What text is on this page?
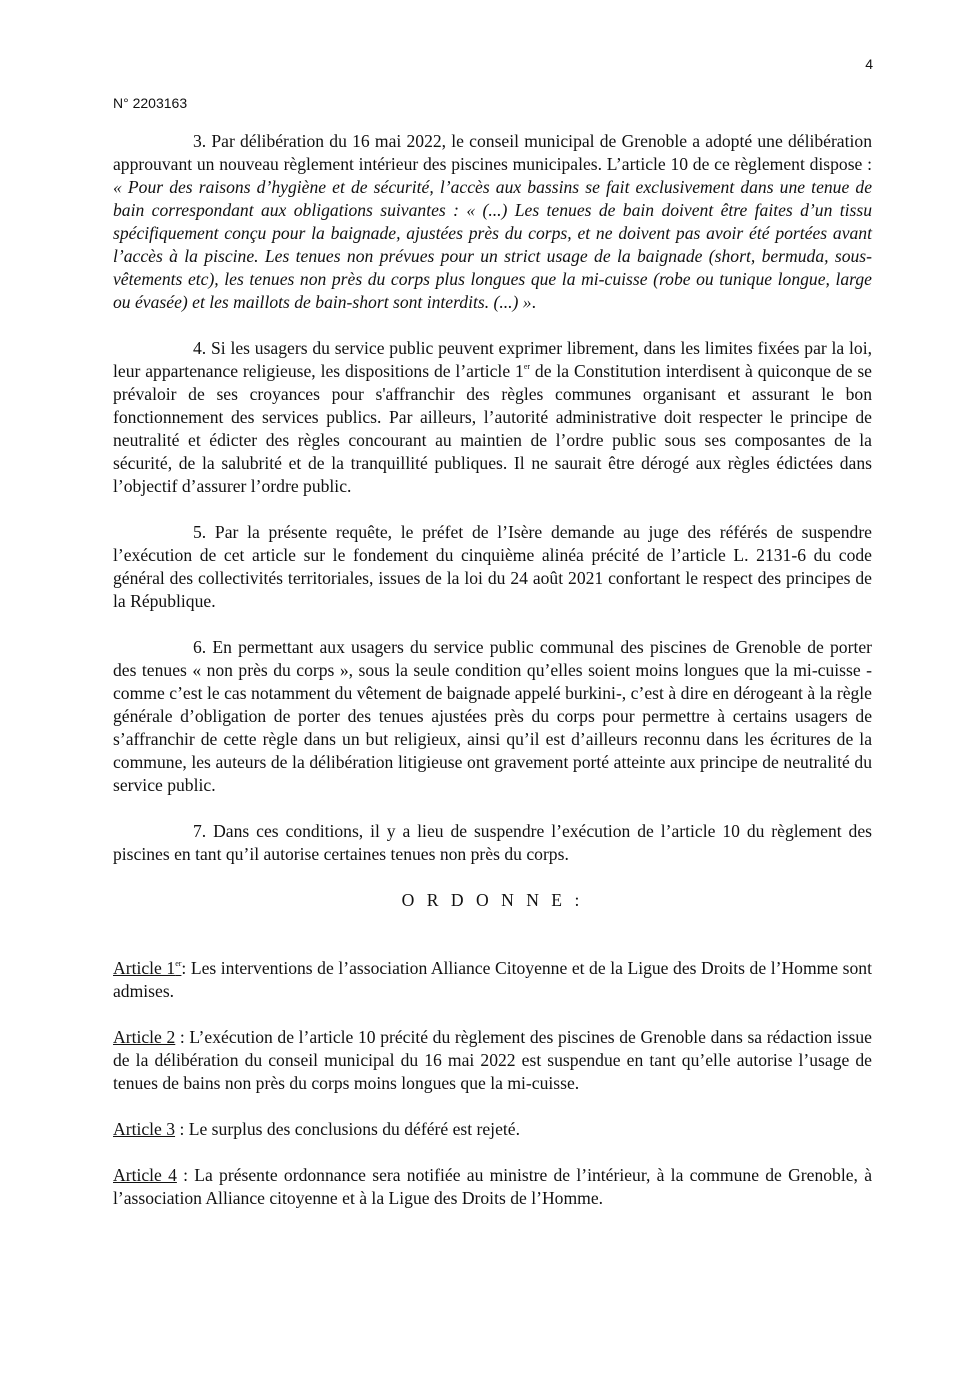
4
N° 2203163

3. Par délibération du 16 mai 2022, le conseil municipal de Grenoble a adopté une délibération approuvant un nouveau règlement intérieur des piscines municipales. L’article 10 de ce règlement dispose : « Pour des raisons d’hygiène et de sécurité, l’accès aux bassins se fait exclusivement dans une tenue de bain correspondant aux obligations suivantes : « (...) Les tenues de bain doivent être faites d’un tissu spécifiquement conçu pour la baignade, ajustées près du corps, et ne doivent pas avoir été portées avant l’accès à la piscine. Les tenues non prévues pour un strict usage de la baignade (short, bermuda, sous-vêtements etc), les tenues non près du corps plus longues que la mi-cuisse (robe ou tunique longue, large ou évasée) et les maillots de bain-short sont interdits. (...) ».

4. Si les usagers du service public peuvent exprimer librement, dans les limites fixées par la loi, leur appartenance religieuse, les dispositions de l’article 1er de la Constitution interdisent à quiconque de se prévaloir de ses croyances pour s'affranchir des règles communes organisant et assurant le bon fonctionnement des services publics. Par ailleurs, l’autorité administrative doit respecter le principe de neutralité et édicter des règles concourant au maintien de l’ordre public sous ses composantes de la sécurité, de la salubrité et de la tranquillité publiques. Il ne saurait être dérogé aux règles édictées dans l’objectif d’assurer l’ordre public.

5. Par la présente requête, le préfet de l’Isère demande au juge des référés de suspendre l’exécution de cet article sur le fondement du cinquième alinéa précité de l’article L. 2131-6 du code général des collectivités territoriales, issues de la loi du 24 août 2021 confortant le respect des principes de la République.

6. En permettant aux usagers du service public communal des piscines de Grenoble de porter des tenues « non près du corps », sous la seule condition qu’elles soient moins longues que la mi-cuisse - comme c’est le cas notamment du vêtement de baignade appelé burkini-, c’est à dire en dérogeant à la règle générale d’obligation de porter des tenues ajustées près du corps pour permettre à certains usagers de s’affranchir de cette règle dans un but religieux, ainsi qu’il est d’ailleurs reconnu dans les écritures de la commune, les auteurs de la délibération litigieuse ont gravement porté atteinte aux principe de neutralité du service public.

7. Dans ces conditions, il y a lieu de suspendre l’exécution de l’article 10 du règlement des piscines en tant qu’il autorise certaines tenues non près du corps.

O R D O N N E :

Article 1er: Les interventions de l’association Alliance Citoyenne et de la Ligue des Droits de l’Homme sont admises.

Article 2 : L’exécution de l’article 10 précité du règlement des piscines de Grenoble dans sa rédaction issue de la délibération du conseil municipal du 16 mai 2022 est suspendue en tant qu’elle autorise l’usage de tenues de bains non près du corps moins longues que la mi-cuisse.

Article 3 : Le surplus des conclusions du déféré est rejeté.

Article 4 : La présente ordonnance sera notifiée au ministre de l’intérieur, à la commune de Grenoble, à l’association Alliance citoyenne et à la Ligue des Droits de l’Homme.
